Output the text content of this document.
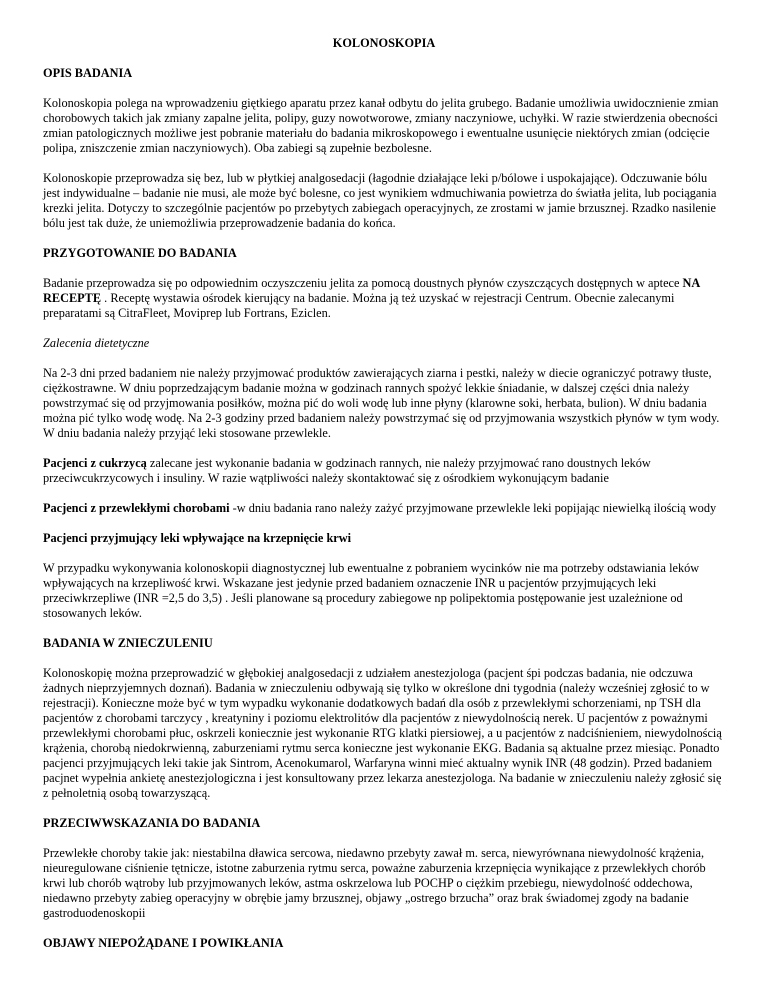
KOLONOSKOPIA
OPIS BADANIA
Kolonoskopia polega na wprowadzeniu giętkiego aparatu przez kanał odbytu do jelita grubego. Badanie umożliwia uwidocznienie zmian chorobowych takich jak zmiany zapalne jelita, polipy, guzy nowotworowe, zmiany naczyniowe, uchyłki. W razie stwierdzenia obecności zmian patologicznych możliwe jest pobranie materiału do badania mikroskopowego i ewentualne usunięcie niektórych zmian (odcięcie polipa, zniszczenie zmian naczyniowych). Oba zabiegi są zupełnie bezbolesne.
Kolonoskopie przeprowadza się bez, lub w płytkiej analgosedacji (łagodnie działające leki p/bólowe i uspokajające). Odczuwanie bólu jest indywidualne – badanie nie musi, ale może być bolesne, co jest wynikiem wdmuchiwania powietrza do światła jelita, lub pociągania krezki jelita. Dotyczy to szczególnie pacjentów po przebytych zabiegach operacyjnych, ze zrostami w jamie brzusznej. Rzadko nasilenie bólu jest tak duże, że uniemożliwia przeprowadzenie badania do końca.
PRZYGOTOWANIE DO BADANIA
Badanie przeprowadza się po odpowiednim oczyszczeniu jelita za pomocą doustnych płynów czyszczących dostępnych w aptece NA RECEPTĘ . Receptę wystawia ośrodek kierujący na badanie. Można ją też uzyskać w rejestracji Centrum. Obecnie zalecanymi preparatami są CitraFleet, Moviprep lub Fortrans, Eziclen.
Zalecenia dietetyczne
Na 2-3 dni przed badaniem nie należy przyjmować produktów zawierających ziarna i pestki, należy w diecie ograniczyć potrawy tłuste, ciężkostrawne. W dniu poprzedzającym badanie można w godzinach rannych spożyć lekkie śniadanie, w dalszej części dnia należy powstrzymać się od przyjmowania posiłków, można pić do woli wodę lub inne płyny (klarowne soki, herbata, bulion). W dniu badania można pić tylko wodę wodę. Na 2-3 godziny przed badaniem należy powstrzymać się od przyjmowania wszystkich płynów w tym wody. W dniu badania należy przyjąć leki stosowane przewlekle.
Pacjenci z cukrzycą zalecane jest wykonanie badania w godzinach rannych, nie należy przyjmować rano doustnych leków przeciwcukrzycowych i insuliny. W razie wątpliwości należy skontaktować się z ośrodkiem wykonującym badanie
Pacjenci z przewlekłymi chorobami -w dniu badania rano należy zażyć przyjmowane przewlekle leki popijając niewielką ilością wody
Pacjenci przyjmujący leki wpływające na krzepnięcie krwi
W przypadku wykonywania kolonoskopii diagnostycznej lub ewentualne z pobraniem wycinków nie ma potrzeby odstawiania leków wpływających na krzepliwość krwi. Wskazane jest jedynie przed badaniem oznaczenie INR u pacjentów przyjmujących leki przeciwkrzepliwe (INR =2,5 do 3,5) . Jeśli planowane są procedury zabiegowe np polipektomia postępowanie jest uzależnione od stosowanych leków.
BADANIA W ZNIECZULENIU
Kolonoskopię można przeprowadzić w głębokiej analgosedacji z udziałem anestezjologa (pacjent śpi podczas badania, nie odczuwa żadnych nieprzyjemnych doznań). Badania w znieczuleniu odbywają się tylko w określone dni tygodnia (należy wcześniej zgłosić to w rejestracji). Konieczne może być w tym wypadku wykonanie dodatkowych badań dla osób z przewlekłymi schorzeniami, np TSH dla pacjentów z chorobami tarczycy , kreatyniny i poziomu elektrolitów dla pacjentów z niewydolnością nerek. U pacjentów z poważnymi przewlekłymi chorobami płuc, oskrzeli koniecznie jest wykonanie RTG klatki piersiowej, a u pacjentów z nadciśnieniem, niewydolnością krążenia, chorobą niedokrwienną, zaburzeniami rytmu serca konieczne jest wykonanie EKG. Badania są aktualne przez miesiąc. Ponadto pacjenci przyjmujących leki takie jak Sintrom, Acenokumarol, Warfaryna winni mieć aktualny wynik INR (48 godzin). Przed badaniem pacjnet wypełnia ankietę anestezjologiczna i jest konsultowany przez lekarza anestezjologa. Na badanie w znieczuleniu należy zgłosić się z pełnoletnią osobą towarzyszącą.
PRZECIWWSKAZANIA DO BADANIA
Przewlekłe choroby takie jak: niestabilna dławica sercowa, niedawno przebyty zawał m. serca, niewyrównana niewydolność krążenia, nieuregulowane ciśnienie tętnicze, istotne zaburzenia rytmu serca, poważne zaburzenia krzepnięcia wynikające z przewlekłych chorób krwi lub chorób wątroby lub przyjmowanych leków, astma oskrzelowa lub POCHP o ciężkim przebiegu, niewydolność oddechowa, niedawno przebyty zabieg operacyjny w obrębie jamy brzusznej, objawy „ostrego brzucha” oraz brak świadomej zgody na badanie gastroduodenoskopii
OBJAWY NIEPOŻĄDANE I POWIKŁANIA
